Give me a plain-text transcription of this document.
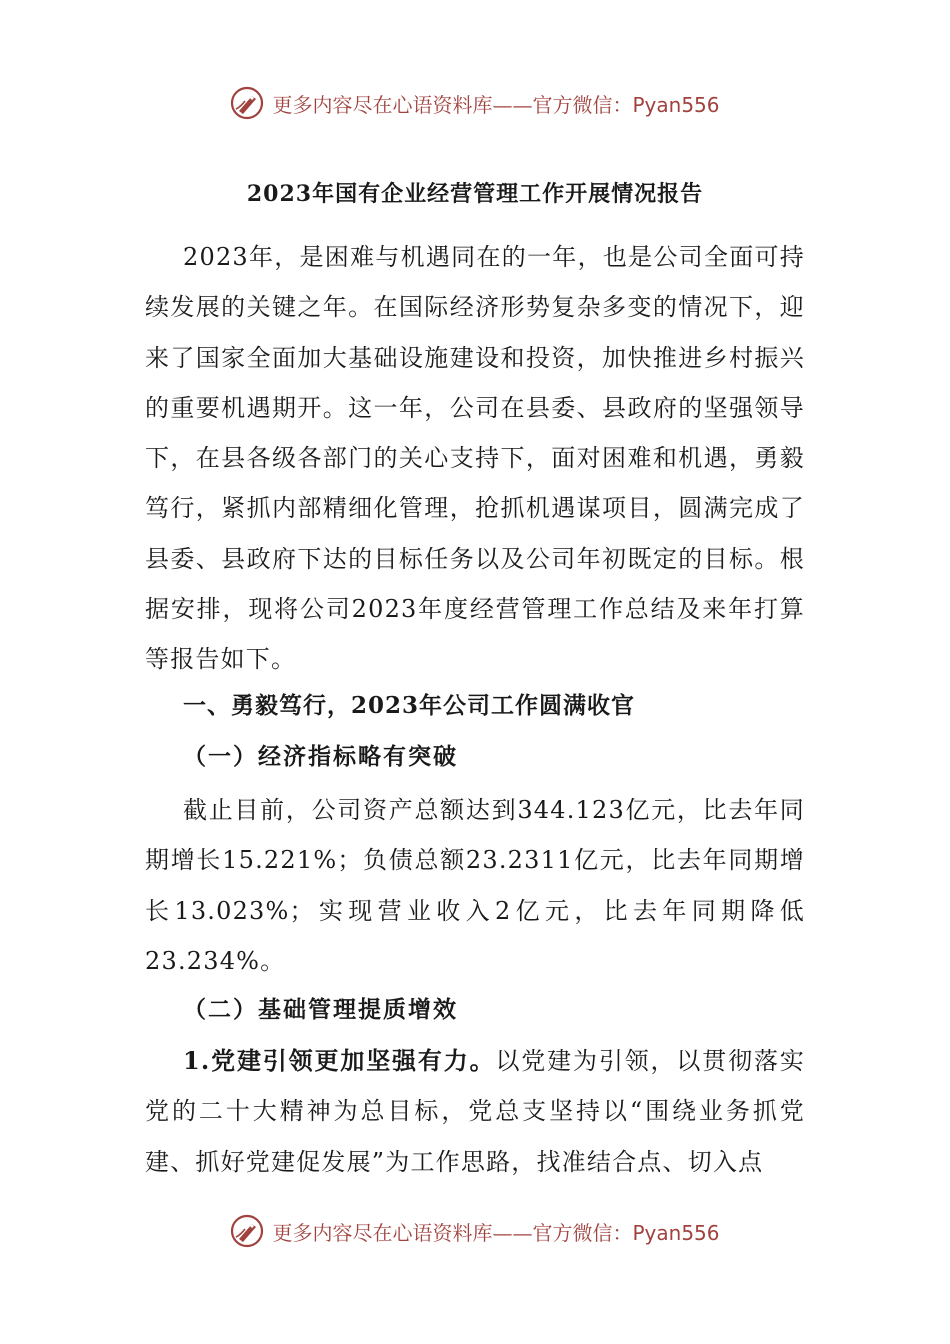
更多内容尽在心语资料库——官方微信：Pyan556
2023年国有企业经营管理工作开展情况报告

2023年，是困难与机遇同在的一年，也是公司全面可持续发展的关键之年。在国际经济形势复杂多变的情况下，迎来了国家全面加大基础设施建设和投资，加快推进乡村振兴的重要机遇期开。这一年，公司在县委、县政府的坚强领导下，在县各级各部门的关心支持下，面对困难和机遇，勇毅笃行，紧抓内部精细化管理，抢抓机遇谋项目，圆满完成了县委、县政府下达的目标任务以及公司年初既定的目标。根据安排，现将公司2023年度经营管理工作总结及来年打算等报告如下。

一、勇毅笃行，2023年公司工作圆满收官
（一）经济指标略有突破

截止目前，公司资产总额达到344.123亿元，比去年同期增长15.221%；负债总额23.2311亿元，比去年同期增长13.023%；实现营业收入2亿元，比去年同期降低23.234%。

（二）基础管理提质增效

1.党建引领更加坚强有力。以党建为引领，以贯彻落实党的二十大精神为总目标，党总支坚持以“围绕业务抓党建、抓好党建促发展”为工作思路，找准结合点、切入点

更多内容尽在心语资料库——官方微信：Pyan556
